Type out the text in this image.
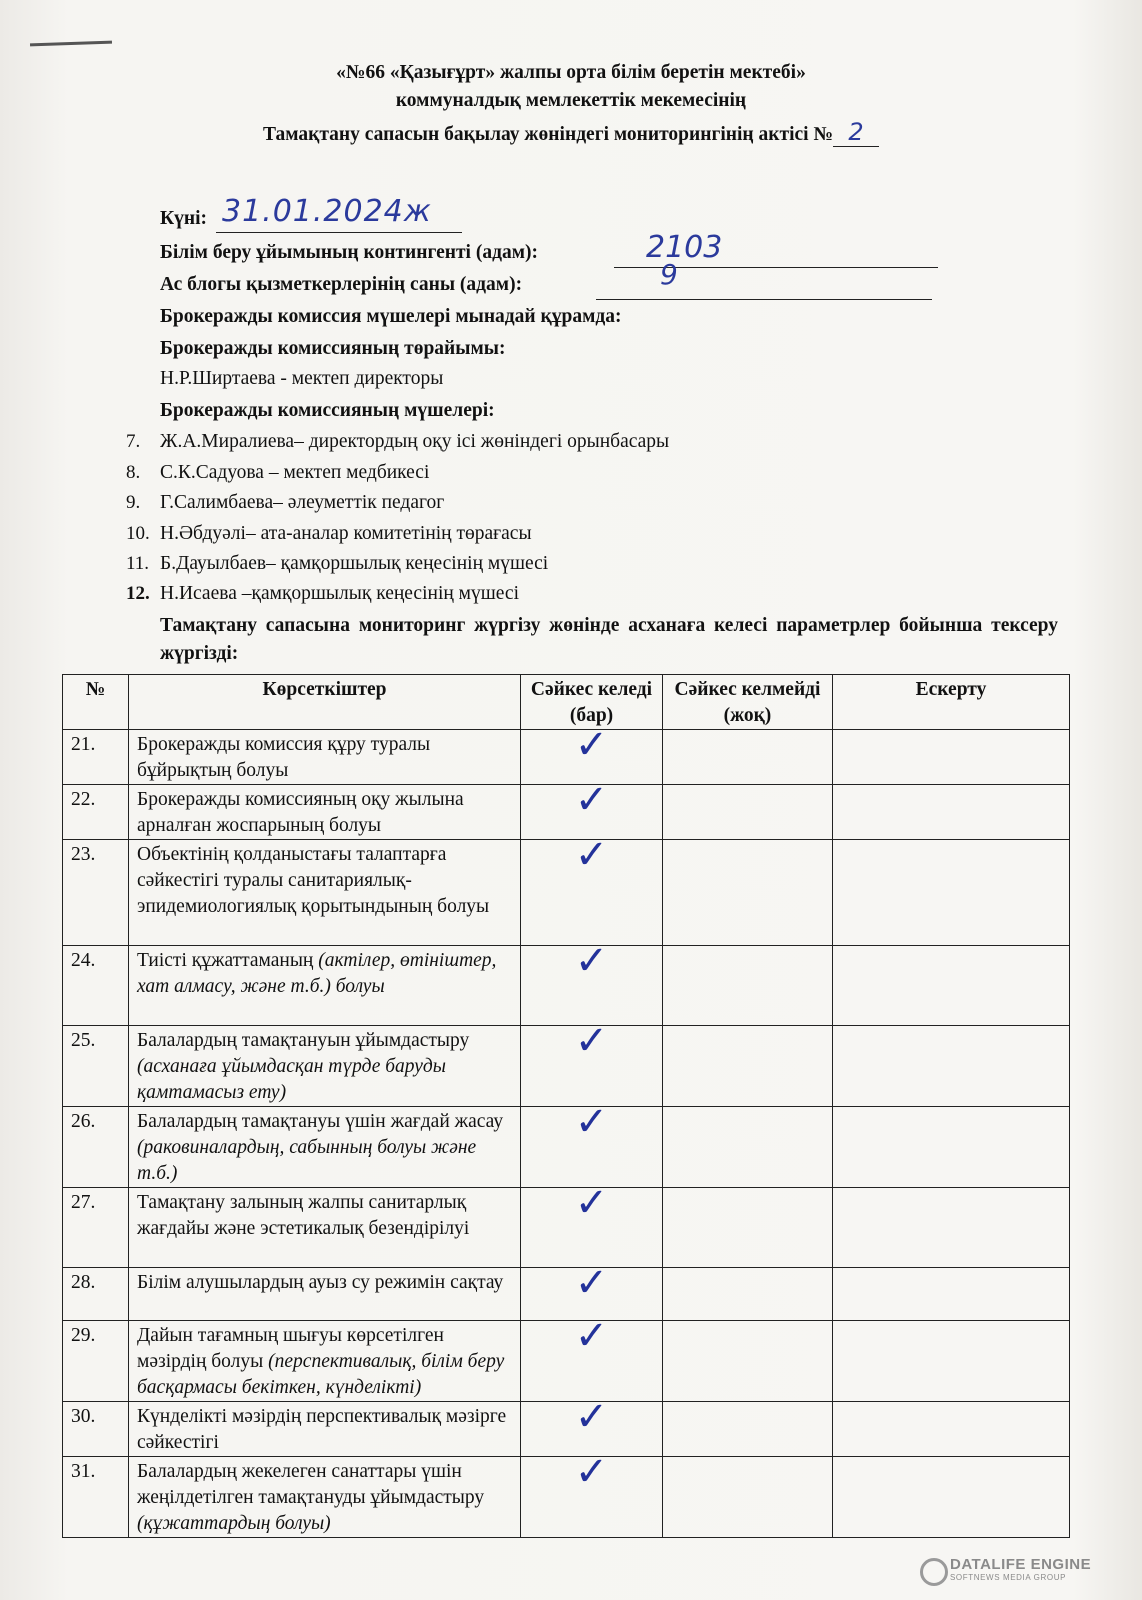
«№66 «Қазығұрт» жалпы орта білім беретін мектебі»
коммуналдық мемлекеттік мекемесінің
Тамақтану сапасын бақылау жөніндегі мониторингінің актісі № 2
Күні: 31.01.2024ж
Білім беру ұйымының контингенті (адам):	2103
Ас блогы қызметкерлерінің саны (адам):	9
Брокеражды комиссия мүшелері мынадай құрамда:
Брокеражды комиссияның төрайымы:
Н.Р.Ширтаева - мектеп директоры
Брокеражды комиссияның мүшелері:
7. Ж.А.Миралиева– директордың оқу ісі жөніндегі орынбасары
8. С.К.Садуова – мектеп медбикесі
9. Г.Салимбаева– әлеуметтік педагог
10. Н.Әбдуәлі– ата-аналар комитетінің төрағасы
11. Б.Дауылбаев– қамқоршылық кеңесінің мүшесі
12. Н.Исаева –қамқоршылық кеңесінің мүшесі
Тамақтану сапасына мониторинг жүргізу жөнінде асханаға келесі параметрлер бойынша тексеру жүргізді:
№	Көрсеткіштер	Сәйкес келеді (бар)	Сәйкес келмейді (жоқ)	Ескерту
21.	Брокеражды комиссия құру туралы бұйрықтың болуы	✓		
22.	Брокеражды комиссияның оқу жылына арналған жоспарының болуы	✓		
23.	Объектінің қолданыстағы талаптарға сәйкестігі туралы санитариялық-эпидемиологиялық қорытындының болуы	✓		
24.	Тиісті құжаттаманың (актілер, өтініштер, хат алмасу, және т.б.) болуы	✓		
25.	Балалардың тамақтануын ұйымдастыру (асханаға ұйымдасқан түрде баруды қамтамасыз ету)	✓		
26.	Балалардың тамақтануы үшін жағдай жасау (раковиналардың, сабынның болуы және т.б.)	✓		
27.	Тамақтану залының жалпы санитарлық жағдайы және эстетикалық безендірілуі	✓		
28.	Білім алушылардың ауыз су режимін сақтау	✓		
29.	Дайын тағамның шығуы көрсетілген мәзірдің болуы (перспективалық, білім беру басқармасы бекіткен, күнделікті)	✓		
30.	Күнделікті мәзірдің перспективалық мәзірге сәйкестігі	✓		
31.	Балалардың жекелеген санаттары үшін жеңілдетілген тамақтануды ұйымдастыру (құжаттардың болуы)	✓		
DATALIFE ENGINE
SOFTNEWS MEDIA GROUP
